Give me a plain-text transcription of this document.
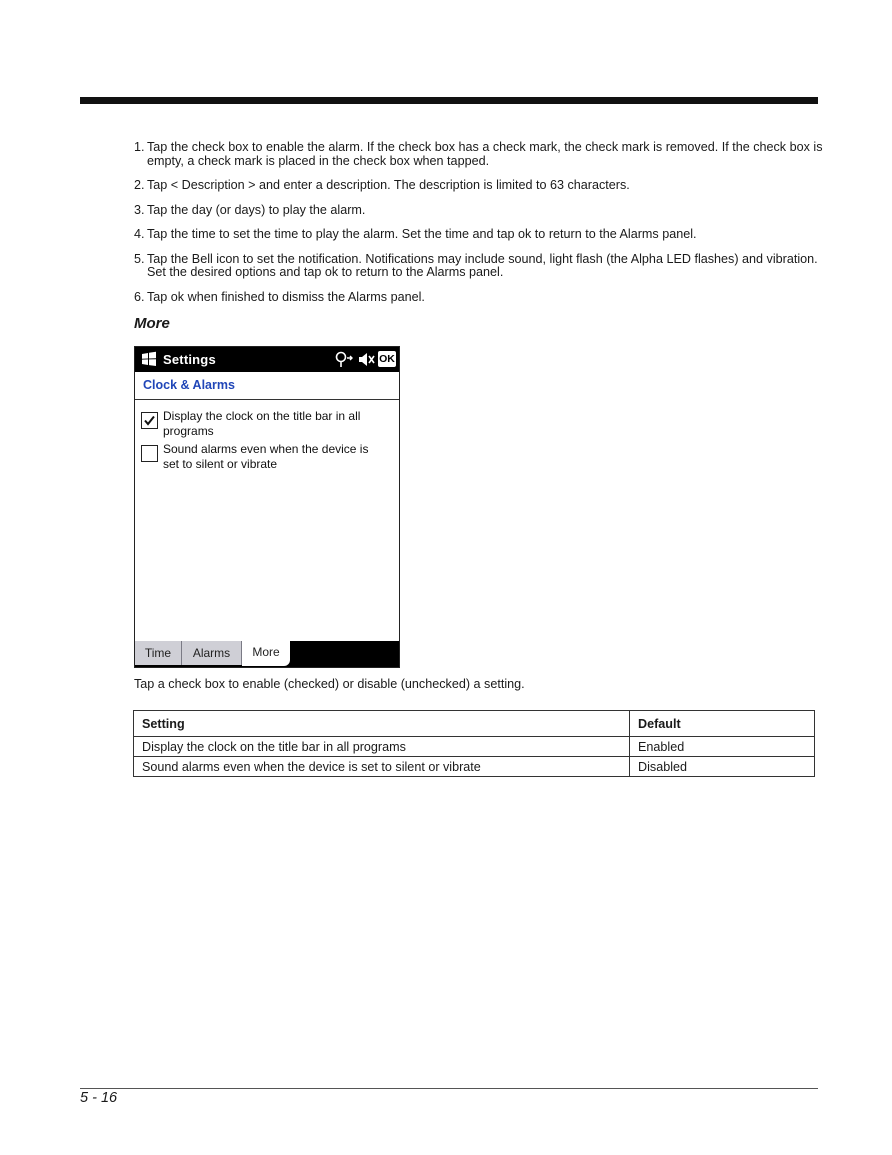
1. Tap the check box to enable the alarm. If the check box has a check mark, the check mark is removed. If the check box is empty, a check mark is placed in the check box when tapped.
2. Tap < Description > and enter a description. The description is limited to 63 characters.
3. Tap the day (or days) to play the alarm.
4. Tap the time to set the time to play the alarm. Set the time and tap ok to return to the Alarms panel.
5. Tap the Bell icon to set the notification. Notifications may include sound, light flash (the Alpha LED flashes) and vibration. Set the desired options and tap ok to return to the Alarms panel.
6. Tap ok when finished to dismiss the Alarms panel.
More
Settings	OK
Clock & Alarms
Display the clock on the title bar in all programs
Sound alarms even when the device is set to silent or vibrate
Time	Alarms	More

Tap a check box to enable (checked) or disable (unchecked) a setting.

Setting	Default
Display the clock on the title bar in all programs	Enabled
Sound alarms even when the device is set to silent or vibrate	Disabled
5 - 16
